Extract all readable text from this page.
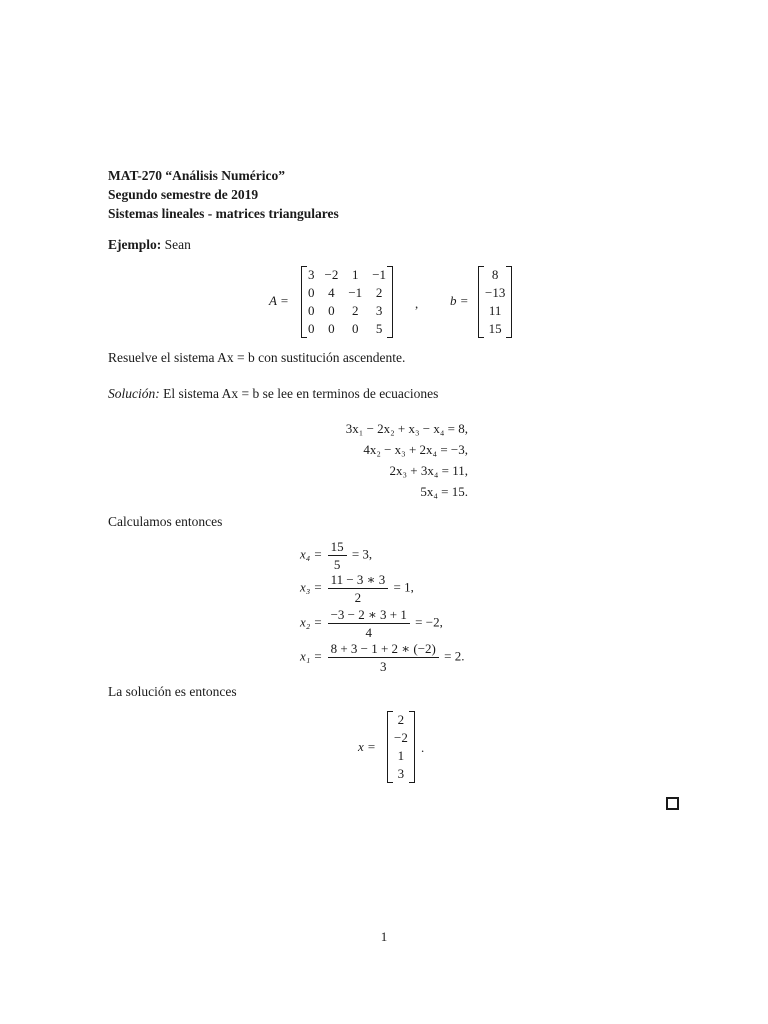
MAT-270 “Análisis Numérico”
Segundo semestre de 2019
Sistemas lineales - matrices triangulares
Ejemplo: Sean
A =
3	−2	1	−1
0	4	−1	2
0	0	2	3
0	0	0	5
, b =
8
−13
11
15
Resuelve el sistema Ax = b con sustitución ascendente.
Solución: El sistema Ax = b se lee en terminos de ecuaciones
3x₁ − 2x₂ + x₃ − x₄ = 8,
4x₂ − x₃ + 2x₄ = −3,
2x₃ + 3x₄ = 11,
5x₄ = 15.
Calculamos entonces
$x_4 = \frac{15}{5} = 3$,
$x_3 = \frac{11 - 3 ∗ 3}{2} = 1$,
$x_2 = \frac{-3 - 2 ∗ 3 + 1}{4} = -2$,
$x_1 = \frac{8 + 3 - 1 + 2 ∗ (-2)}{3} = 2$.
La solución es entonces
x =
2
−2
1
3
.
1
